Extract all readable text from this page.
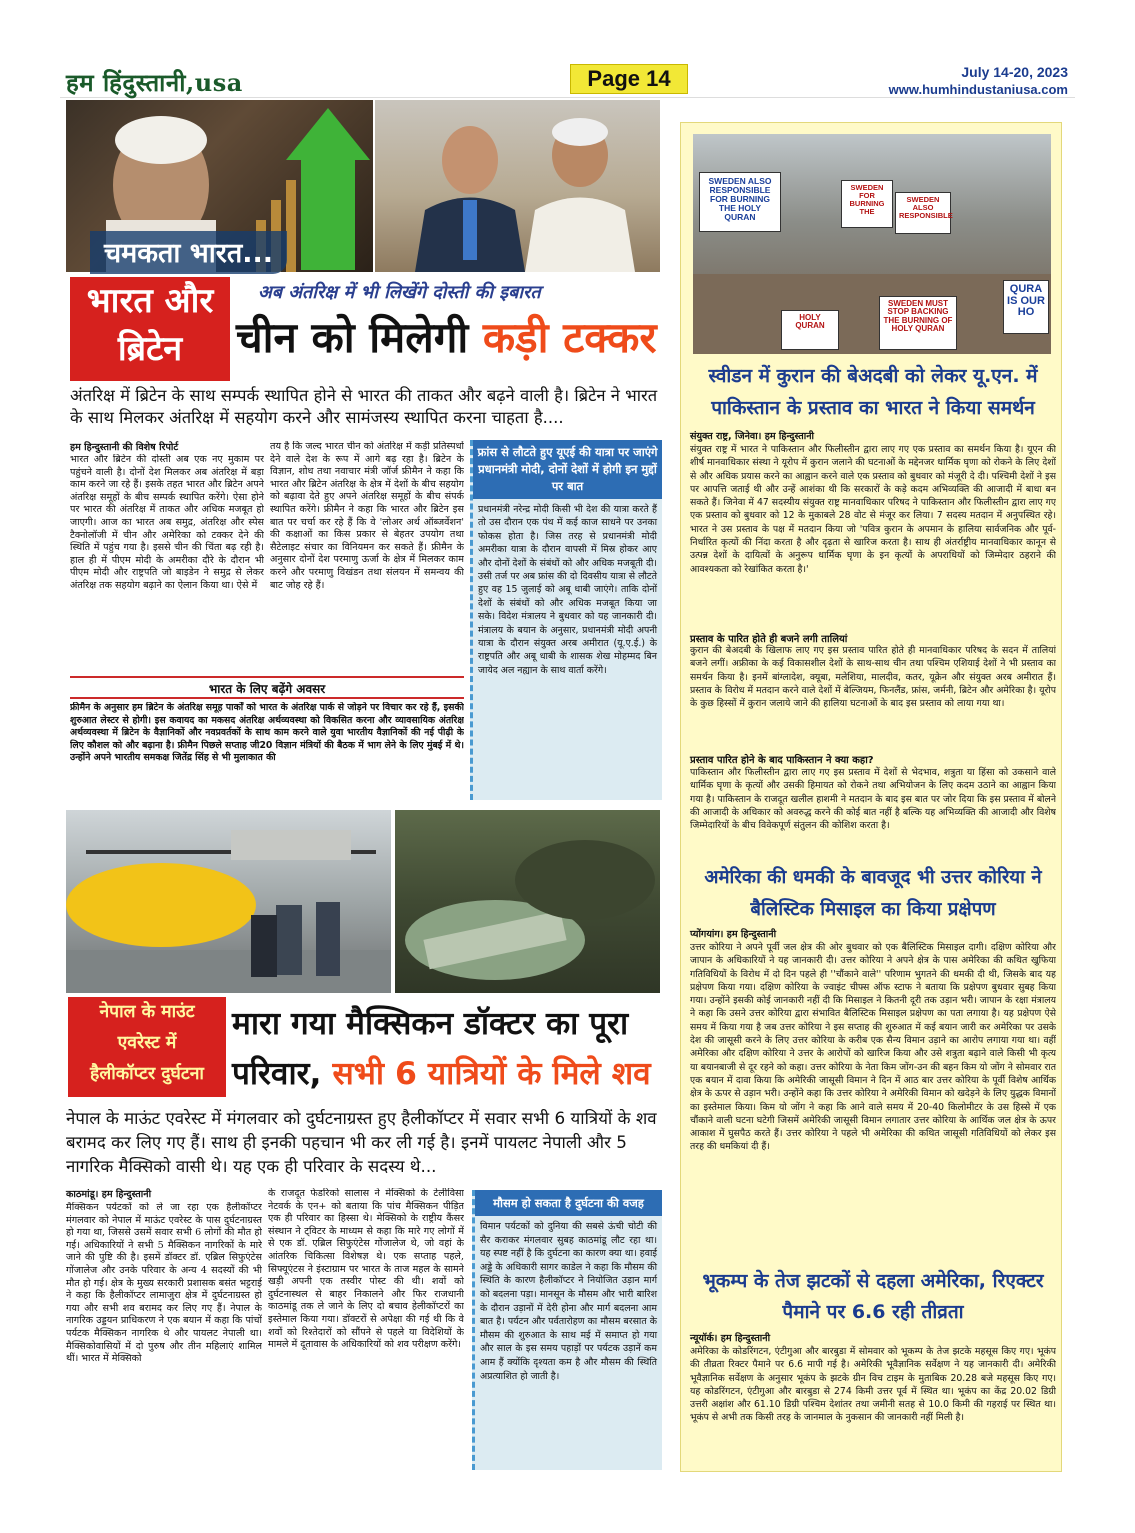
हम हिंदुस्तानी,usa	Page 14	July 14-20, 2023
www.humhindustaniusa.com
चमकता भारत...
भारत और
ब्रिटेन
अब अंतरिक्ष में भी लिखेंगे दोस्ती की इबारत
चीन को मिलेगी कड़ी टक्कर
अंतरिक्ष में ब्रिटेन के साथ सम्पर्क स्थापित होने से भारत की ताकत और बढ़ने वाली है। ब्रिटेन ने भारत के साथ मिलकर अंतरिक्ष में सहयोग करने और सामंजस्य स्थापित करना चाहता है....
हम हिन्दुस्तानी की विशेष रिपोर्ट
भारत और ब्रिटेन की दोस्ती अब एक नए मुकाम पर पहुंचने वाली है। दोनों देश मिलकर अब अंतरिक्ष में बड़ा काम करने जा रहे हैं। इसके तहत भारत और ब्रिटेन अपने अंतरिक्ष समूहों के बीच सम्पर्क स्थापित करेंगे। ऐसा होने पर भारत की अंतरिक्ष में ताकत और अधिक मजबूत हो जाएगी। आज का भारत अब समुद्र, अंतरिक्ष और स्पेस टैक्नोलॉजी में चीन और अमेरिका को टक्कर देने की स्थिति में पहुंच गया है। इससे चीन की चिंता बढ़ रही है। हाल ही में पीएम मोदी के अमरीका दौरे के दौरान भी पीएम मोदी और राष्ट्रपति जो बाइडेन ने समुद्र से लेकर अंतरिक्ष तक सहयोग बढ़ाने का ऐलान किया था। ऐसे में
तय है कि जल्द भारत चीन को अंतरिक्ष में कड़ी प्रतिस्पर्धा देने वाले देश के रूप में आगे बढ़ रहा है। ब्रिटेन के विज्ञान, शोध तथा नवाचार मंत्री जॉर्ज फ्रीमैन ने कहा कि भारत और ब्रिटेन अंतरिक्ष के क्षेत्र में देशों के बीच सहयोग को बढ़ावा देते हुए अपने अंतरिक्ष समूहों के बीच संपर्क स्थापित करेंगे। फ्रीमैन ने कहा कि भारत और ब्रिटेन इस बात पर चर्चा कर रहे हैं कि वे 'लोअर अर्थ ऑब्जर्वेशन' की कक्षाओं का किस प्रकार से बेहतर उपयोग तथा सैटेलाइट संचार का विनियमन कर सकते हैं। फ्रीमैन के अनुसार दोनों देश परमाणु ऊर्जा के क्षेत्र में मिलकर काम करने और परमाणु विखंडन तथा संलयन में समन्वय की बाट जोह रहे हैं।
भारत के लिए बढ़ेंगे अवसर
फ्रीमैन के अनुसार हम ब्रिटेन के अंतरिक्ष समूह पार्कों को भारत के अंतरिक्ष पार्क से जोड़ने पर विचार कर रहे हैं, इसकी शुरुआत लेस्टर से होगी। इस कवायद का मकसद अंतरिक्ष अर्थव्यवस्था को विकसित करना और व्यावसायिक अंतरिक्ष अर्थव्यवस्था में ब्रिटेन के वैज्ञानिकों और नवप्रवर्तकों के साथ काम करने वाले युवा भारतीय वैज्ञानिकों की नई पीढ़ी के लिए कौशल को और बढ़ाना है। फ्रीमैन पिछले सप्ताह जी20 विज्ञान मंत्रियों की बैठक में भाग लेने के लिए मुंबई में थे। उन्होंने अपने भारतीय समकक्ष जितेंद्र सिंह से भी मुलाकात की
फ्रांस से लौटते हुए यूएई की यात्रा पर जाएंगे प्रधानमंत्री मोदी, दोनों देशों में होगी इन मुद्दों पर बात
प्रधानमंत्री नरेन्द्र मोदी किसी भी देश की यात्रा करते हैं तो उस दौरान एक पंथ में कई काज साधने पर उनका फोकस होता है। जिस तरह से प्रधानमंत्री मोदी अमरीका यात्रा के दौरान वापसी में मिस्र होकर आए और दोनों देशों के संबंधों को और अधिक मजबूती दी। उसी तर्ज पर अब फ्रांस की दो दिवसीय यात्रा से लौटते हुए वह 15 जुलाई को अबू धाबी जाएंगे। ताकि दोनों देशों के संबंधों को और अधिक मजबूत किया जा सके। विदेश मंत्रालय ने बुधवार को यह जानकारी दी। मंत्रालय के बयान के अनुसार, प्रधानमंत्री मोदी अपनी यात्रा के दौरान संयुक्त अरब अमीरात (यू.ए.ई.) के राष्ट्रपति और अबू धाबी के शासक शेख मोहम्मद बिन जायेद अल नह्यान के साथ वार्ता करेंगे।
नेपाल के माउंट
एवरेस्ट में
हैलीकॉप्टर दुर्घटना
मारा गया मैक्सिकन डॉक्टर का पूरा
परिवार, सभी 6 यात्रियों के मिले शव
नेपाल के माऊंट एवरेस्ट में मंगलवार को दुर्घटनाग्रस्त हुए हैलीकॉप्टर में सवार सभी 6 यात्रियों के शव बरामद कर लिए गए हैं। साथ ही इनकी पहचान भी कर ली गई है। इनमें पायलट नेपाली और 5 नागरिक मैक्सिको वासी थे। यह एक ही परिवार के सदस्य थे...
काठमांडू। हम हिन्दुस्तानी
मैक्सिकन पर्यटकों को ले जा रहा एक हैलीकॉप्टर मंगलवार को नेपाल में माऊंट एवरेस्ट के पास दुर्घटनाग्रस्त हो गया था, जिससे उसमें सवार सभी 6 लोगों की मौत हो गई। अधिकारियों ने सभी 5 मैक्सिकन नागरिकों के मारे जाने की पुष्टि की है। इसमें डॉक्टर डॉ. एब्रिल सिफुएंटेस गोंजालेज और उनके परिवार के अन्य 4 सदस्यों की भी मौत हो गई। क्षेत्र के मुख्य सरकारी प्रशासक बसंत भट्टराई ने कहा कि हैलीकॉप्टर लामाजुरा क्षेत्र में दुर्घटनाग्रस्त हो गया और सभी शव बरामद कर लिए गए हैं। नेपाल के नागरिक उड्डयन प्राधिकरण ने एक बयान में कहा कि पांचों पर्यटक मैक्सिकन नागरिक थे और पायलट नेपाली था। मैक्सिकोवासियों में दो पुरुष और तीन महिलाएं शामिल थीं। भारत में मेक्सिको
के राजदूत फेडरिको सालास ने मेक्सिको के टेलीविसा नेटवर्क के एन+ को बताया कि पांच मैक्सिकन पीड़ित एक ही परिवार का हिस्सा थे। मेक्सिको के राष्ट्रीय कैंसर संस्थान ने ट्विटर के माध्यम से कहा कि मारे गए लोगों में से एक डॉ. एब्रिल सिफुएंटेस गोंजालेज थे, जो वहां के आंतरिक चिकित्सा विशेषज्ञ थे। एक सप्ताह पहले, सिफ्यूएंटस ने इंस्टाग्राम पर भारत के ताज महल के सामने खड़ी अपनी एक तस्वीर पोस्ट की थी। शवों को दुर्घटनास्थल से बाहर निकालने और फिर राजधानी काठमांडू तक ले जाने के लिए दो बचाव हेलीकॉप्टरों का इस्तेमाल किया गया। डॉक्टरों से अपेक्षा की गई थी कि वे शवों को रिश्तेदारों को सौंपने से पहले या विदेशियों के मामले में दूतावास के अधिकारियों को शव परीक्षण करेंगे।
मौसम हो सकता है दुर्घटना की वजह
विमान पर्यटकों को दुनिया की सबसे ऊंची चोटी की सैर कराकर मंगलवार सुबह काठमांडू लौट रहा था। यह स्पष्ट नहीं है कि दुर्घटना का कारण क्या था। हवाई अड्डे के अधिकारी सागर काडेल ने कहा कि मौसम की स्थिति के कारण हैलीकॉप्टर ने नियोजित उड़ान मार्ग को बदलना पड़ा। मानसून के मौसम और भारी बारिश के दौरान उड़ानों में देरी होना और मार्ग बदलना आम बात है। पर्यटन और पर्वतारोहण का मौसम बरसात के मौसम की शुरुआत के साथ मई में समाप्त हो गया और साल के इस समय पहाड़ों पर पर्यटक उड़ानें कम आम हैं क्योंकि दृश्यता कम है और मौसम की स्थिति अप्रत्याशित हो जाती है।
SWEDEN ALSO RESPONSIBLE FOR BURNING THE HOLY QURAN
SWEDEN FOR BURNING THE
SWEDEN ALSO RESPONSIBLE
SWEDEN MUST STOP BACKING THE BURNING OF HOLY QURAN
HOLY QURAN
QURA IS OUR HO
स्वीडन में कुरान की बेअदबी को लेकर यू.एन. में पाकिस्तान के प्रस्ताव का भारत ने किया समर्थन
संयुक्त राष्ट्र, जिनेवा। हम हिन्दुस्तानी
संयुक्त राष्ट्र में भारत ने पाकिस्तान और फिलीस्तीन द्वारा लाए गए एक प्रस्ताव का समर्थन किया है। यूएन की शीर्ष मानवाधिकार संस्था ने यूरोप में कुरान जलाने की घटनाओं के मद्देनजर धार्मिक घृणा को रोकने के लिए देशों से और अधिक प्रयास करने का आह्वान करने वाले एक प्रस्ताव को बुधवार को मंजूरी दे दी। पश्चिमी देशों ने इस पर आपत्ति जताई थी और उन्हें आशंका थी कि सरकारों के कड़े कदम अभिव्यक्ति की आजादी में बाधा बन सकते हैं। जिनेवा में 47 सदस्यीय संयुक्त राष्ट्र मानवाधिकार परिषद ने पाकिस्तान और फिलीस्तीन द्वारा लाए गए एक प्रस्ताव को बुधवार को 12 के मुकाबले 28 वोट से मंजूर कर लिया। 7 सदस्य मतदान में अनुपस्थित रहे। भारत ने उस प्रस्ताव के पक्ष में मतदान किया जो 'पवित्र कुरान के अपमान के हालिया सार्वजनिक और पूर्व-निर्धारित कृत्यों की निंदा करता है और दृढ़ता से खारिज करता है। साथ ही अंतर्राष्ट्रीय मानवाधिकार कानून से उत्पन्न देशों के दायित्वों के अनुरूप धार्मिक घृणा के इन कृत्यों के अपराधियों को जिम्मेदार ठहराने की आवश्यकता को रेखांकित करता है।'
प्रस्ताव के पारित होते ही बजने लगी तालियां
कुरान की बेअदबी के खिलाफ लाए गए इस प्रस्ताव पारित होते ही मानवाधिकार परिषद के सदन में तालियां बजने लगीं। अफ्रीका के कई विकासशील देशों के साथ-साथ चीन तथा पश्चिम एशियाई देशों ने भी प्रस्ताव का समर्थन किया है। इनमें बांग्लादेश, क्यूबा, मलेशिया, मालदीव, कतर, यूक्रेन और संयुक्त अरब अमीरात हैं। प्रस्ताव के विरोध में मतदान करने वाले देशों में बेल्जियम, फिनलैंड, फ्रांस, जर्मनी, ब्रिटेन और अमेरिका है। यूरोप के कुछ हिस्सों में कुरान जलाये जाने की हालिया घटनाओं के बाद इस प्रस्ताव को लाया गया था।
प्रस्ताव पारित होने के बाद पाकिस्तान ने क्या कहा?
पाकिस्तान और फिलीस्तीन द्वारा लाए गए इस प्रस्ताव में देशों से भेदभाव, शत्रुता या हिंसा को उकसाने वाले धार्मिक घृणा के कृत्यों और उसकी हिमायत को रोकने तथा अभियोजन के लिए कदम उठाने का आह्वान किया गया है। पाकिस्तान के राजदूत खलील हाशमी ने मतदान के बाद इस बात पर जोर दिया कि इस प्रस्ताव में बोलने की आजादी के अधिकार को अवरुद्ध करने की कोई बात नहीं है बल्कि यह अभिव्यक्ति की आजादी और विशेष जिम्मेदारियों के बीच विवेकपूर्ण संतुलन की कोशिश करता है।
अमेरिका की धमकी के बावजूद भी उत्तर कोरिया ने बैलिस्टिक मिसाइल का किया प्रक्षेपण
प्योंगयांग। हम हिन्दुस्तानी
उत्तर कोरिया ने अपने पूर्वी जल क्षेत्र की ओर बुधवार को एक बैलिस्टिक मिसाइल दागी। दक्षिण कोरिया और जापान के अधिकारियों ने यह जानकारी दी। उत्तर कोरिया ने अपने क्षेत्र के पास अमेरिका की कथित खुफिया गतिविधियों के विरोध में दो दिन पहले ही ''चौंकाने वाले'' परिणाम भुगतने की धमकी दी थी, जिसके बाद यह प्रक्षेपण किया गया। दक्षिण कोरिया के ज्वाइंट चीफ्स ऑफ स्टाफ ने बताया कि प्रक्षेपण बुधवार सुबह किया गया। उन्होंने इसकी कोई जानकारी नहीं दी कि मिसाइल ने कितनी दूरी तक उड़ान भरी। जापान के रक्षा मंत्रालय ने कहा कि उसने उत्तर कोरिया द्वारा संभावित बैलिस्टिक मिसाइल प्रक्षेपण का पता लगाया है। यह प्रक्षेपण ऐसे समय में किया गया है जब उत्तर कोरिया ने इस सप्ताह की शुरुआत में कई बयान जारी कर अमेरिका पर उसके देश की जासूसी करने के लिए उत्तर कोरिया के करीब एक सैन्य विमान उड़ाने का आरोप लगाया गया था। वहीं अमेरिका और दक्षिण कोरिया ने उत्तर के आरोपों को खारिज किया और उसे शत्रुता बढ़ाने वाले किसी भी कृत्य या बयानबाजी से दूर रहने को कहा। उत्तर कोरिया के नेता किम जोंग-उन की बहन किम यो जोंग ने सोमवार रात एक बयान में दावा किया कि अमेरिकी जासूसी विमान ने दिन में आठ बार उत्तर कोरिया के पूर्वी विशेष आर्थिक क्षेत्र के ऊपर से उड़ान भरी। उन्होंने कहा कि उत्तर कोरिया ने अमेरिकी विमान को खदेड़ने के लिए युद्धक विमानों का इस्तेमाल किया। किम यो जोंग ने कहा कि आने वाले समय में 20-40 किलोमीटर के उस हिस्से में एक चौंकाने वाली घटना घटेगी जिसमें अमेरिकी जासूसी विमान लगातार उत्तर कोरिया के आर्थिक जल क्षेत्र के ऊपर आकाश में घुसपैठ करते हैं। उत्तर कोरिया ने पहले भी अमेरिका की कथित जासूसी गतिविधियों को लेकर इस तरह की धमकियां दी हैं।
भूकम्प के तेज झटकों से दहला अमेरिका, रिएक्टर पैमाने पर 6.6 रही तीव्रता
न्यूयॉर्क। हम हिन्दुस्तानी
अमेरिका के कोडरिंगटन, एंटीगुआ और बारबुडा में सोमवार को भूकम्प के तेज झटके महसूस किए गए। भूकंप की तीव्रता रिक्टर पैमाने पर 6.6 मापी गई है। अमेरिकी भूवैज्ञानिक सर्वेक्षण ने यह जानकारी दी। अमेरिकी भूवैज्ञानिक सर्वेक्षण के अनुसार भूकंप के झटके ग्रीन विच टाइम के मुताबिक 20.28 बजे महसूस किए गए। यह कोडरिंगटन, एंटीगुआ और बारबुडा से 274 किमी उत्तर पूर्व में स्थित था। भूकंप का केंद्र 20.02 डिग्री उत्तरी अक्षांश और 61.10 डिग्री पश्चिम देशांतर तथा जमीनी सतह से 10.0 किमी की गहराई पर स्थित था। भूकंप से अभी तक किसी तरह के जानमाल के नुकसान की जानकारी नहीं मिली है।
